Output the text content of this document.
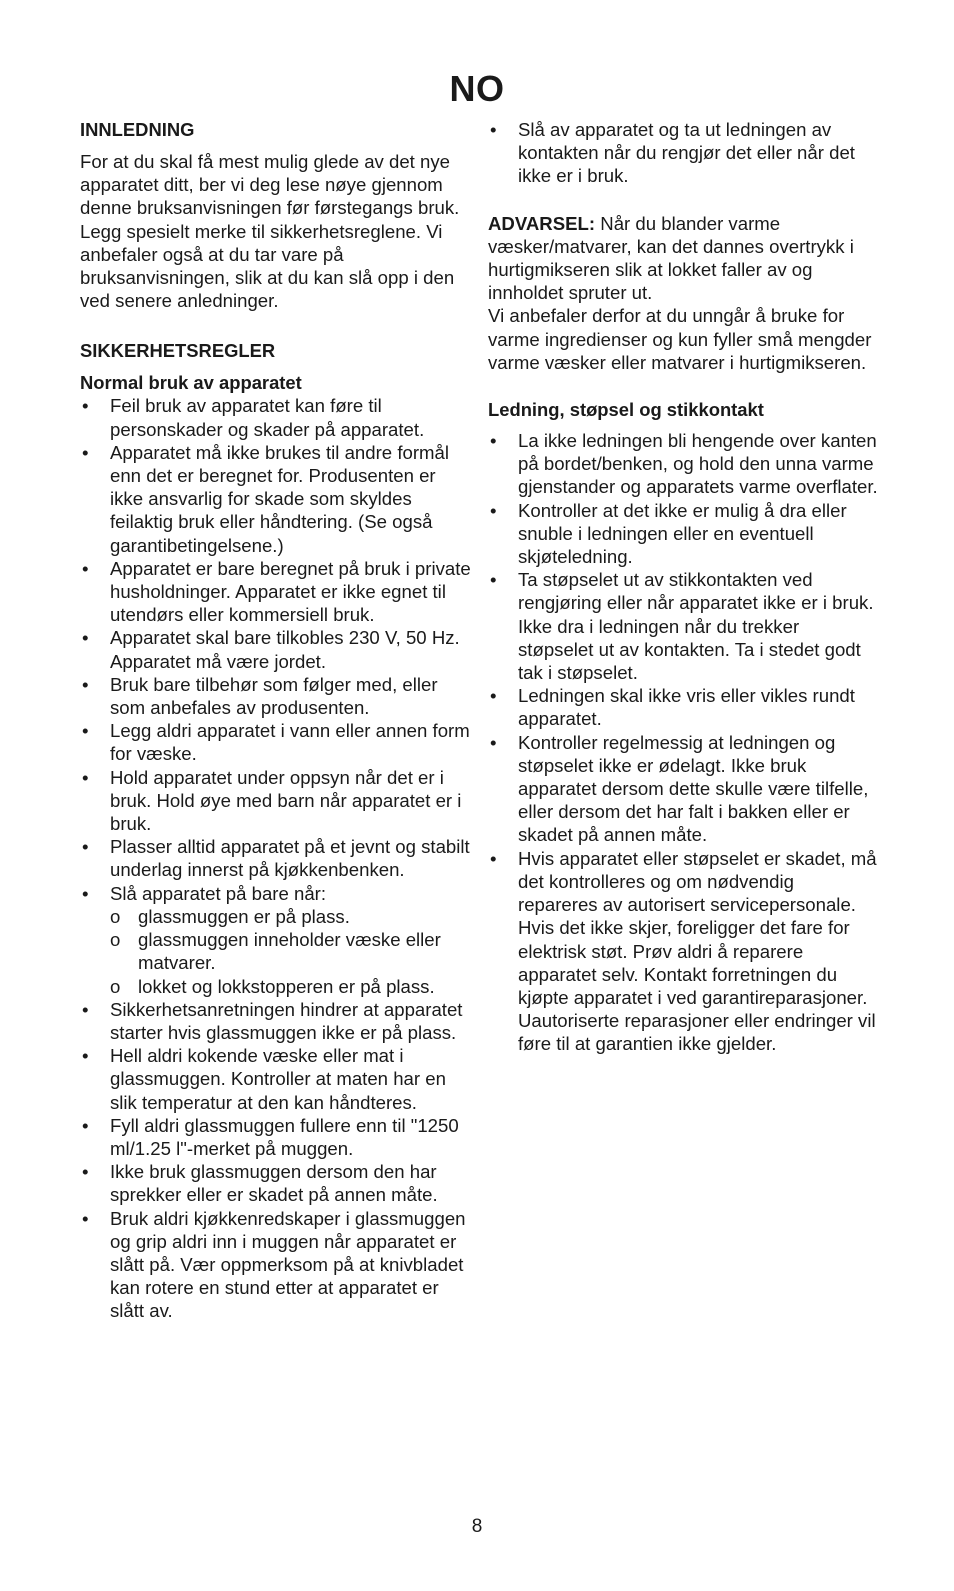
NO
INNLEDNING

For at du skal få mest mulig glede av det nye apparatet ditt, ber vi deg lese nøye gjennom denne bruksanvisningen før førstegangs bruk. Legg spesielt merke til sikkerhetsreglene. Vi anbefaler også at du tar vare på bruksanvisningen, slik at du kan slå opp i den ved senere anledninger.

SIKKERHETSREGLER
Normal bruk av apparatet
• Feil bruk av apparatet kan føre til personskader og skader på apparatet.
• Apparatet må ikke brukes til andre formål enn det er beregnet for. Produsenten er ikke ansvarlig for skade som skyldes feilaktig bruk eller håndtering. (Se også garantibetingelsene.)
• Apparatet er bare beregnet på bruk i private husholdninger. Apparatet er ikke egnet til utendørs eller kommersiell bruk.
• Apparatet skal bare tilkobles 230 V, 50 Hz. Apparatet må være jordet.
• Bruk bare tilbehør som følger med, eller som anbefales av produsenten.
• Legg aldri apparatet i vann eller annen form for væske.
• Hold apparatet under oppsyn når det er i bruk. Hold øye med barn når apparatet er i bruk.
• Plasser alltid apparatet på et jevnt og stabilt underlag innerst på kjøkkenbenken.
• Slå apparatet på bare når:
o glassmuggen er på plass.
o glassmuggen inneholder væske eller matvarer.
o lokket og lokkstopperen er på plass.
• Sikkerhetsanretningen hindrer at apparatet starter hvis glassmuggen ikke er på plass.
• Hell aldri kokende væske eller mat i glassmuggen. Kontroller at maten har en slik temperatur at den kan håndteres.
• Fyll aldri glassmuggen fullere enn til "1250 ml/1.25 l"-merket på muggen.
• Ikke bruk glassmuggen dersom den har sprekker eller er skadet på annen måte.
• Bruk aldri kjøkkenredskaper i glassmuggen og grip aldri inn i muggen når apparatet er slått på. Vær oppmerksom på at knivbladet kan rotere en stund etter at apparatet er slått av.
• Slå av apparatet og ta ut ledningen av kontakten når du rengjør det eller når det ikke er i bruk.

ADVARSEL: Når du blander varme væsker/matvarer, kan det dannes overtrykk i hurtigmikseren slik at lokket faller av og innholdet spruter ut.

Vi anbefaler derfor at du unngår å bruke for varme ingredienser og kun fyller små mengder varme væsker eller matvarer i hurtigmikseren.

Ledning, støpsel og stikkontakt
• La ikke ledningen bli hengende over kanten på bordet/benken, og hold den unna varme gjenstander og apparatets varme overflater.
• Kontroller at det ikke er mulig å dra eller snuble i ledningen eller en eventuell skjøteledning.
• Ta støpselet ut av stikkontakten ved rengjøring eller når apparatet ikke er i bruk. Ikke dra i ledningen når du trekker støpselet ut av kontakten. Ta i stedet godt tak i støpselet.
• Ledningen skal ikke vris eller vikles rundt apparatet.
• Kontroller regelmessig at ledningen og støpselet ikke er ødelagt. Ikke bruk apparatet dersom dette skulle være tilfelle, eller dersom det har falt i bakken eller er skadet på annen måte.
• Hvis apparatet eller støpselet er skadet, må det kontrolleres og om nødvendig repareres av autorisert servicepersonale. Hvis det ikke skjer, foreligger det fare for elektrisk støt. Prøv aldri å reparere apparatet selv. Kontakt forretningen du kjøpte apparatet i ved garantireparasjoner. Uautoriserte reparasjoner eller endringer vil føre til at garantien ikke gjelder.
8
